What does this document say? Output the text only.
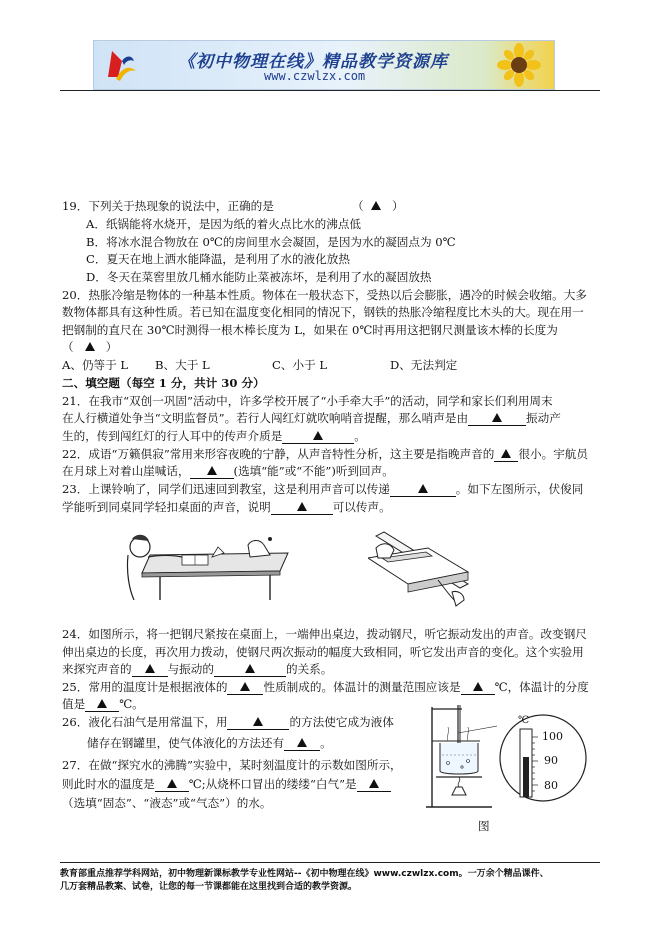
《初中物理在线》精品教学资源库
www.czwlzx.com
19．下列关于热现象的说法中，正确的是	（ ）
A．纸锅能将水烧开，是因为纸的着火点比水的沸点低
B．将冰水混合物放在 0℃的房间里水会凝固，是因为水的凝固点为 0℃
C．夏天在地上洒水能降温，是利用了水的液化放热
D．冬天在菜窖里放几桶水能防止菜被冻坏，是利用了水的凝固放热
20．热胀冷缩是物体的一种基本性质。物体在一般状态下，受热以后会膨胀，遇冷的时候会收缩。大多
数物体都具有这种性质。若已知在温度变化相同的情况下，钢铁的热胀冷缩程度比木头的大。现在用一
把钢制的直尺在 30℃时测得一根木棒长度为 L，如果在 0℃时再用这把钢尺测量该木棒的长度为
（	）
A、仍等于 L B、大于 L	C、小于 L	D、无法判定
二、填空题（每空 1 分，共计 30 分）
21．在我市“双创一巩固”活动中，许多学校开展了“小手牵大手”的活动，同学和家长们利用周末
在人行横道处争当“文明监督员”。若行人闯红灯就吹响哨音提醒，那么哨声是由	振动产
生的，传到闯红灯的行人耳中的传声介质是	。
22．成语“万籁俱寂”常用来形容夜晚的宁静，从声音特性分析，这主要是指晚声音的 很小。宇航员
在月球上对着山崖喊话，	(选填“能”或“不能”)听到回声。
23．上课铃响了，同学们迅速回到教室，这是利用声音可以传递	。如下左图所示，伏俊同
学能听到同桌同学轻扣桌面的声音，说明	可以传声。
24．如图所示，将一把钢尺紧按在桌面上，一端伸出桌边，拨动钢尺，听它振动发出的声音。改变钢尺
伸出桌边的长度，再次用力拨动，使钢尺两次振动的幅度大致相同，听它发出声音的变化。这个实验用
来探究声音的	与振动的	的关系。
25．常用的温度计是根据液体的	性质制成的。体温计的测量范围应该是	℃，体温计的分度
值是	℃。
26．液化石油气是用常温下，用	的方法使它成为液体
储存在钢罐里，使气体液化的方法还有	。
27．在做“探究水的沸腾”实验中，某时刻温度计的示数如图所示，
则此时水的温度是	℃;从烧杯口冒出的缕缕“白气”是
（选填“固态”、“液态”或“气态”）的水。
℃
100
90
80
图
教育部重点推荐学科网站，初中物理新课标教学专业性网站--《初中物理在线》www.czwlzx.com。一万余个精品课件、
几万套精品教案、试卷，让您的每一节课都能在这里找到合适的教学资源。
